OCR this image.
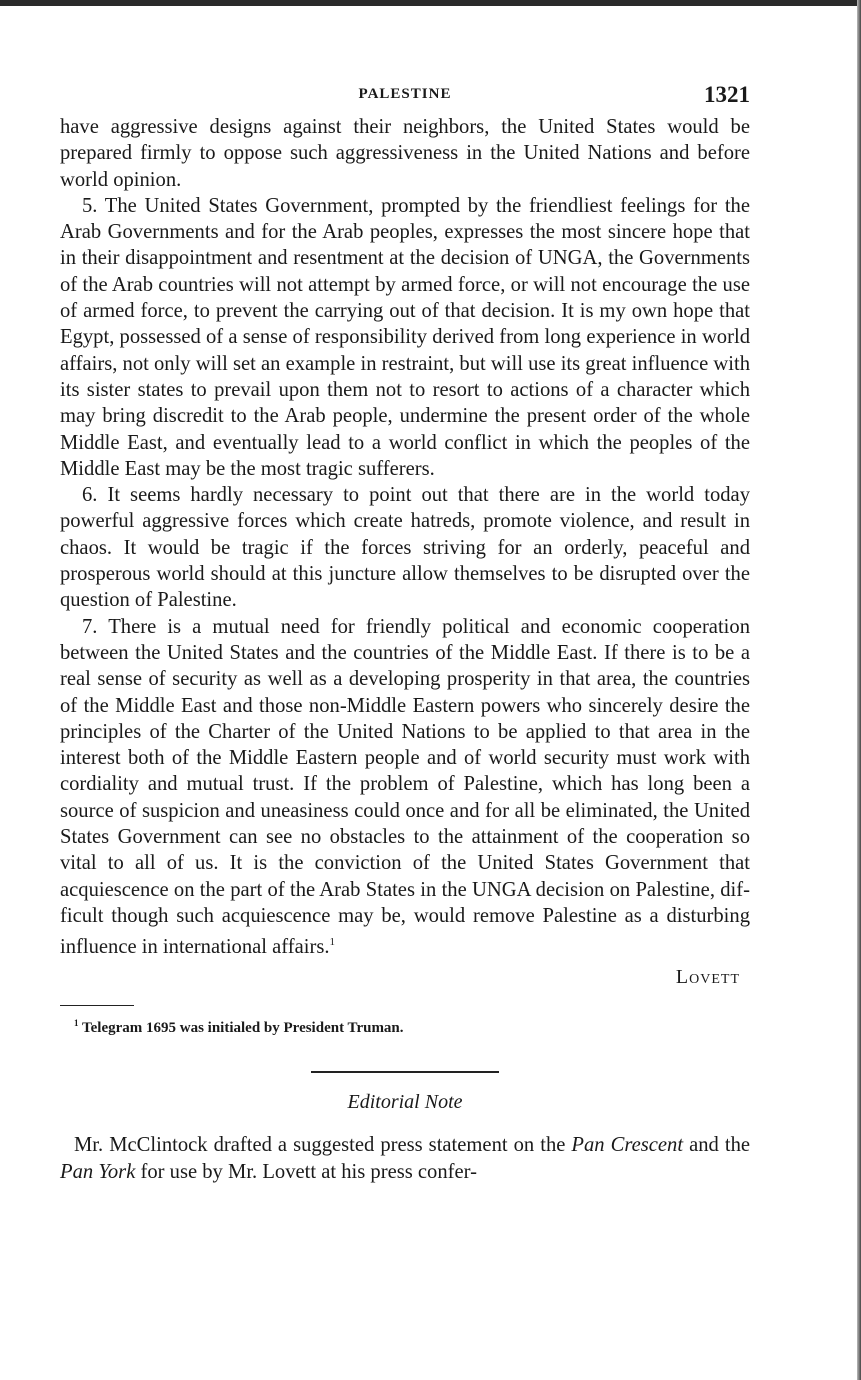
PALESTINE	1321

have aggressive designs against their neighbors, the United States would be prepared firmly to oppose such aggressiveness in the United Nations and before world opinion.

5. The United States Government, prompted by the friendliest feelings for the Arab Governments and for the Arab peoples, expresses the most sincere hope that in their disappointment and resentment at the decision of UNGA, the Governments of the Arab countries will not attempt by armed force, or will not encourage the use of armed force, to prevent the carrying out of that decision. It is my own hope that Egypt, possessed of a sense of responsibility derived from long experience in world affairs, not only will set an example in restraint, but will use its great influence with its sister states to prevail upon them not to resort to actions of a character which may bring discredit to the Arab people, undermine the present order of the whole Middle East, and eventually lead to a world conflict in which the peoples of the Middle East may be the most tragic sufferers.

6. It seems hardly necessary to point out that there are in the world today powerful aggressive forces which create hatreds, promote violence, and result in chaos. It would be tragic if the forces striving for an orderly, peaceful and prosperous world should at this juncture allow themselves to be disrupted over the question of Palestine.

7. There is a mutual need for friendly political and economic cooperation between the United States and the countries of the Middle East. If there is to be a real sense of security as well as a developing prosperity in that area, the countries of the Middle East and those non-Middle Eastern powers who sincerely desire the principles of the Charter of the United Nations to be applied to that area in the interest both of the Middle Eastern people and of world security must work with cordiality and mutual trust. If the problem of Palestine, which has long been a source of suspicion and uneasiness could once and for all be eliminated, the United States Government can see no obstacles to the attainment of the cooperation so vital to all of us. It is the conviction of the United States Government that acquiescence on the part of the Arab States in the UNGA decision on Palestine, difficult though such acquiescence may be, would remove Palestine as a disturbing influence in international affairs.$^1$

Lovett
$^1$ Telegram 1695 was initialed by President Truman.
Editorial Note

Mr. McClintock drafted a suggested press statement on the Pan Crescent and the Pan York for use by Mr. Lovett at his press confer-
